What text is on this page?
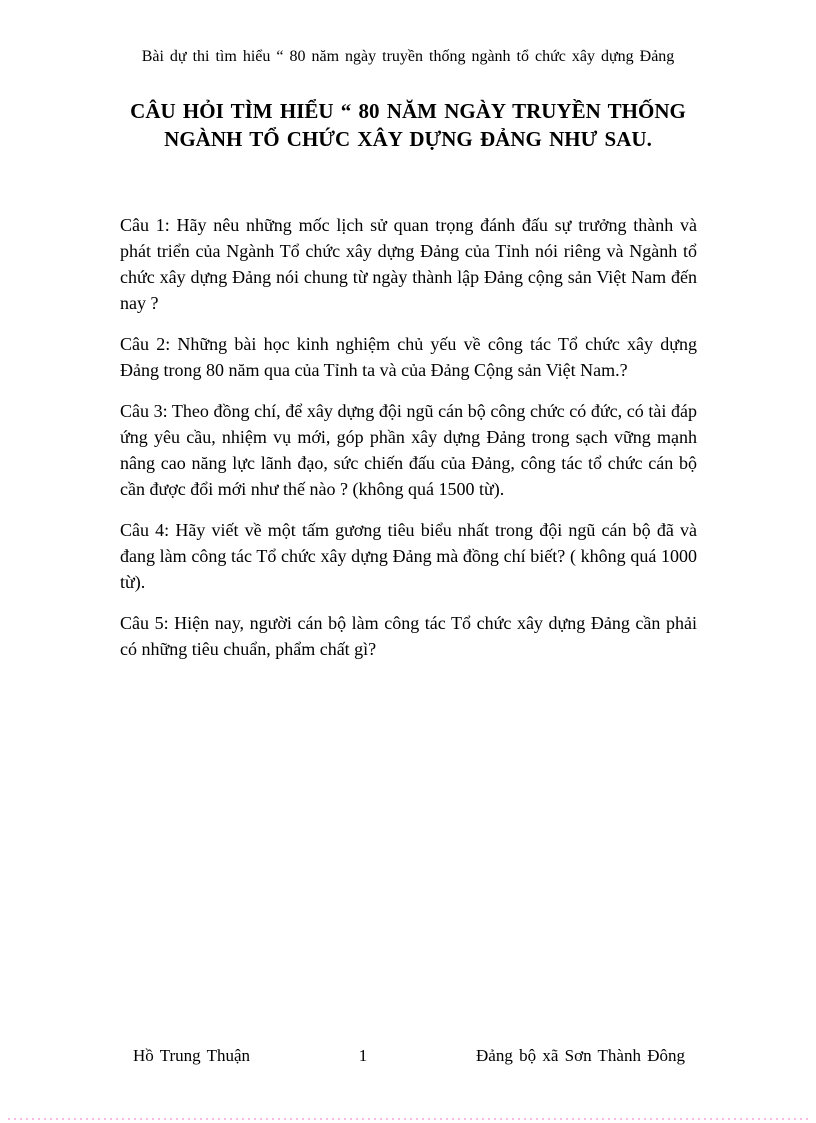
Bài dự thi tìm hiểu “ 80 năm ngày truyền thống ngành tổ chức xây dựng Đảng
CÂU HỎI TÌM HIỂU “ 80 NĂM NGÀY TRUYỀN THỐNG
NGÀNH TỔ CHỨC XÂY DỰNG ĐẢNG NHƯ SAU.

Câu 1: Hãy nêu những mốc lịch sử quan trọng đánh đấu sự trưởng thành và phát triển của Ngành Tổ chức xây dựng Đảng của Tỉnh nói riêng và Ngành tổ chức xây dựng Đảng nói chung từ ngày thành lập Đảng cộng sản Việt Nam đến nay ?

Câu 2: Những bài học kinh nghiệm chủ yếu về công tác Tổ chức xây dựng Đảng trong 80 năm qua của Tỉnh ta và của Đảng Cộng sản Việt Nam.?

Câu 3: Theo đồng chí, để xây dựng đội ngũ cán bộ công chức có đức, có tài đáp ứng yêu cầu, nhiệm vụ mới, góp phần xây dựng Đảng trong sạch vững mạnh nâng cao năng lực lãnh đạo, sức chiến đấu của Đảng, công tác tổ chức cán bộ cần được đổi mới như thế nào ? (không quá 1500 từ).

Câu 4: Hãy viết về một tấm gương tiêu biểu nhất trong đội ngũ cán bộ đã và đang làm công tác Tổ chức xây dựng Đảng mà đồng chí biết? ( không quá 1000 từ).

Câu 5: Hiện nay, người cán bộ làm công tác Tổ chức xây dựng Đảng cần phải có những tiêu chuẩn, phẩm chất gì?

Hồ Trung Thuận	1	Đảng bộ xã Sơn Thành Đông
